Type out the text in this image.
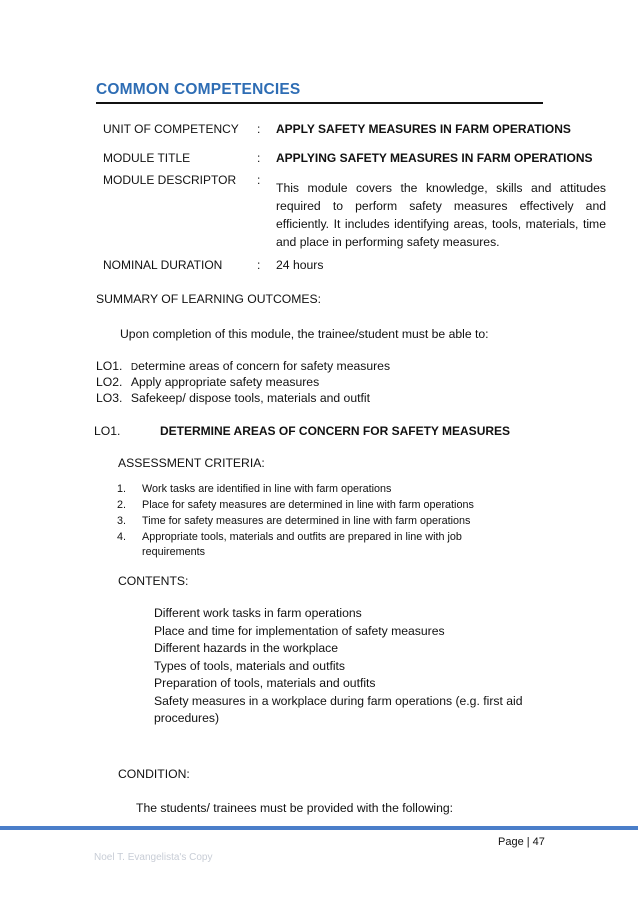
COMMON COMPETENCIES
UNIT OF COMPETENCY : APPLY SAFETY MEASURES IN FARM OPERATIONS
MODULE TITLE	: APPLYING SAFETY MEASURES IN FARM OPERATIONS
MODULE DESCRIPTOR :
This module covers the knowledge, skills and attitudes required to perform safety measures effectively and efficiently. It includes identifying areas, tools, materials, time and place in performing safety measures.
NOMINAL DURATION	: 24 hours
SUMMARY OF LEARNING OUTCOMES:
Upon completion of this module, the trainee/student must be able to:
LO1. Determine areas of concern for safety measures
LO2. Apply appropriate safety measures
LO3. Safekeep/ dispose tools, materials and outfit
LO1.	DETERMINE AREAS OF CONCERN FOR SAFETY MEASURES
ASSESSMENT CRITERIA:
1. Work tasks are identified in line with farm operations
2. Place for safety measures are determined in line with farm operations
3. Time for safety measures are determined in line with farm operations
4. Appropriate tools, materials and outfits are prepared in line with job requirements
CONTENTS:
Different work tasks in farm operations
Place and time for implementation of safety measures
Different hazards in the workplace
Types of tools, materials and outfits
Preparation of tools, materials and outfits
Safety measures in a workplace during farm operations (e.g. first aid procedures)
CONDITION:
The students/ trainees must be provided with the following:
Page | 47
Noel T. Evangelista's Copy
